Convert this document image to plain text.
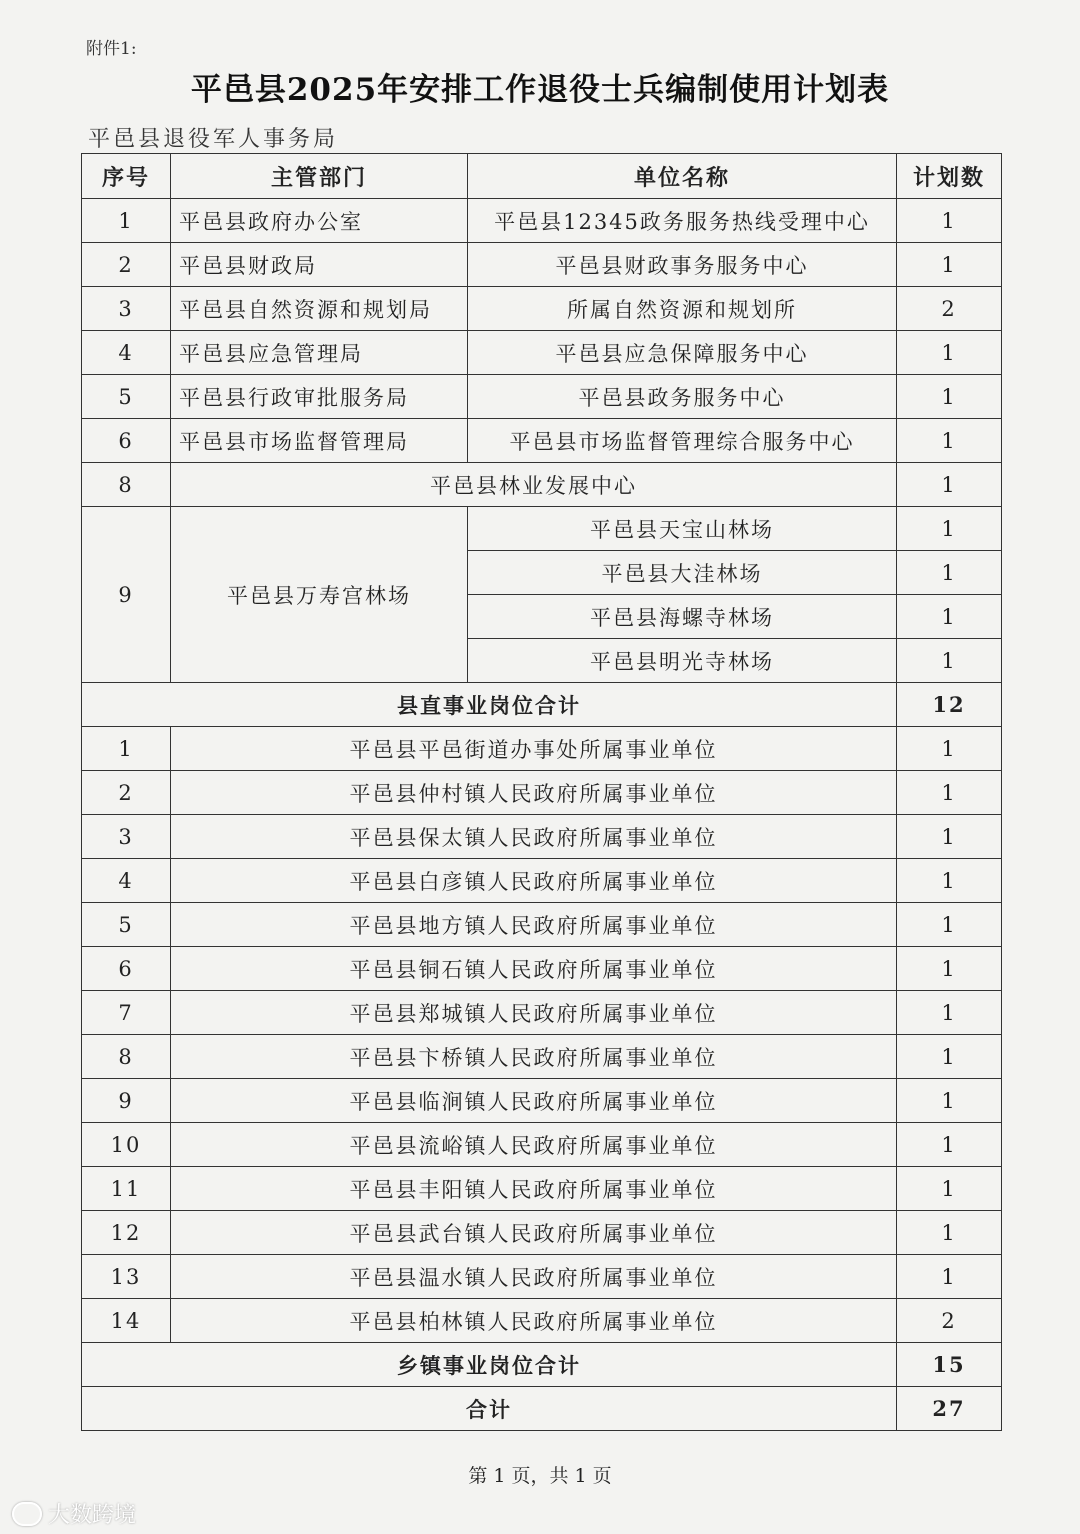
附件1:
平邑县2025年安排工作退役士兵编制使用计划表
平邑县退役军人事务局
序号	主管部门	单位名称	计划数
1	平邑县政府办公室	平邑县12345政务服务热线受理中心	1
2	平邑县财政局	平邑县财政事务服务中心	1
3	平邑县自然资源和规划局	所属自然资源和规划所	2
4	平邑县应急管理局	平邑县应急保障服务中心	1
5	平邑县行政审批服务局	平邑县政务服务中心	1
6	平邑县市场监督管理局	平邑县市场监督管理综合服务中心	1
8	平邑县林业发展中心		1
9	平邑县万寿宫林场	平邑县天宝山林场	1
		平邑县大洼林场	1
		平邑县海螺寺林场	1
		平邑县明光寺林场	1
县直事业岗位合计			12
1	平邑县平邑街道办事处所属事业单位		1
2	平邑县仲村镇人民政府所属事业单位		1
3	平邑县保太镇人民政府所属事业单位		1
4	平邑县白彦镇人民政府所属事业单位		1
5	平邑县地方镇人民政府所属事业单位		1
6	平邑县铜石镇人民政府所属事业单位		1
7	平邑县郑城镇人民政府所属事业单位		1
8	平邑县卞桥镇人民政府所属事业单位		1
9	平邑县临涧镇人民政府所属事业单位		1
10	平邑县流峪镇人民政府所属事业单位		1
11	平邑县丰阳镇人民政府所属事业单位		1
12	平邑县武台镇人民政府所属事业单位		1
13	平邑县温水镇人民政府所属事业单位		1
14	平邑县柏林镇人民政府所属事业单位		2
乡镇事业岗位合计			15
合计			27
第 1 页，共 1 页
大数跨境
